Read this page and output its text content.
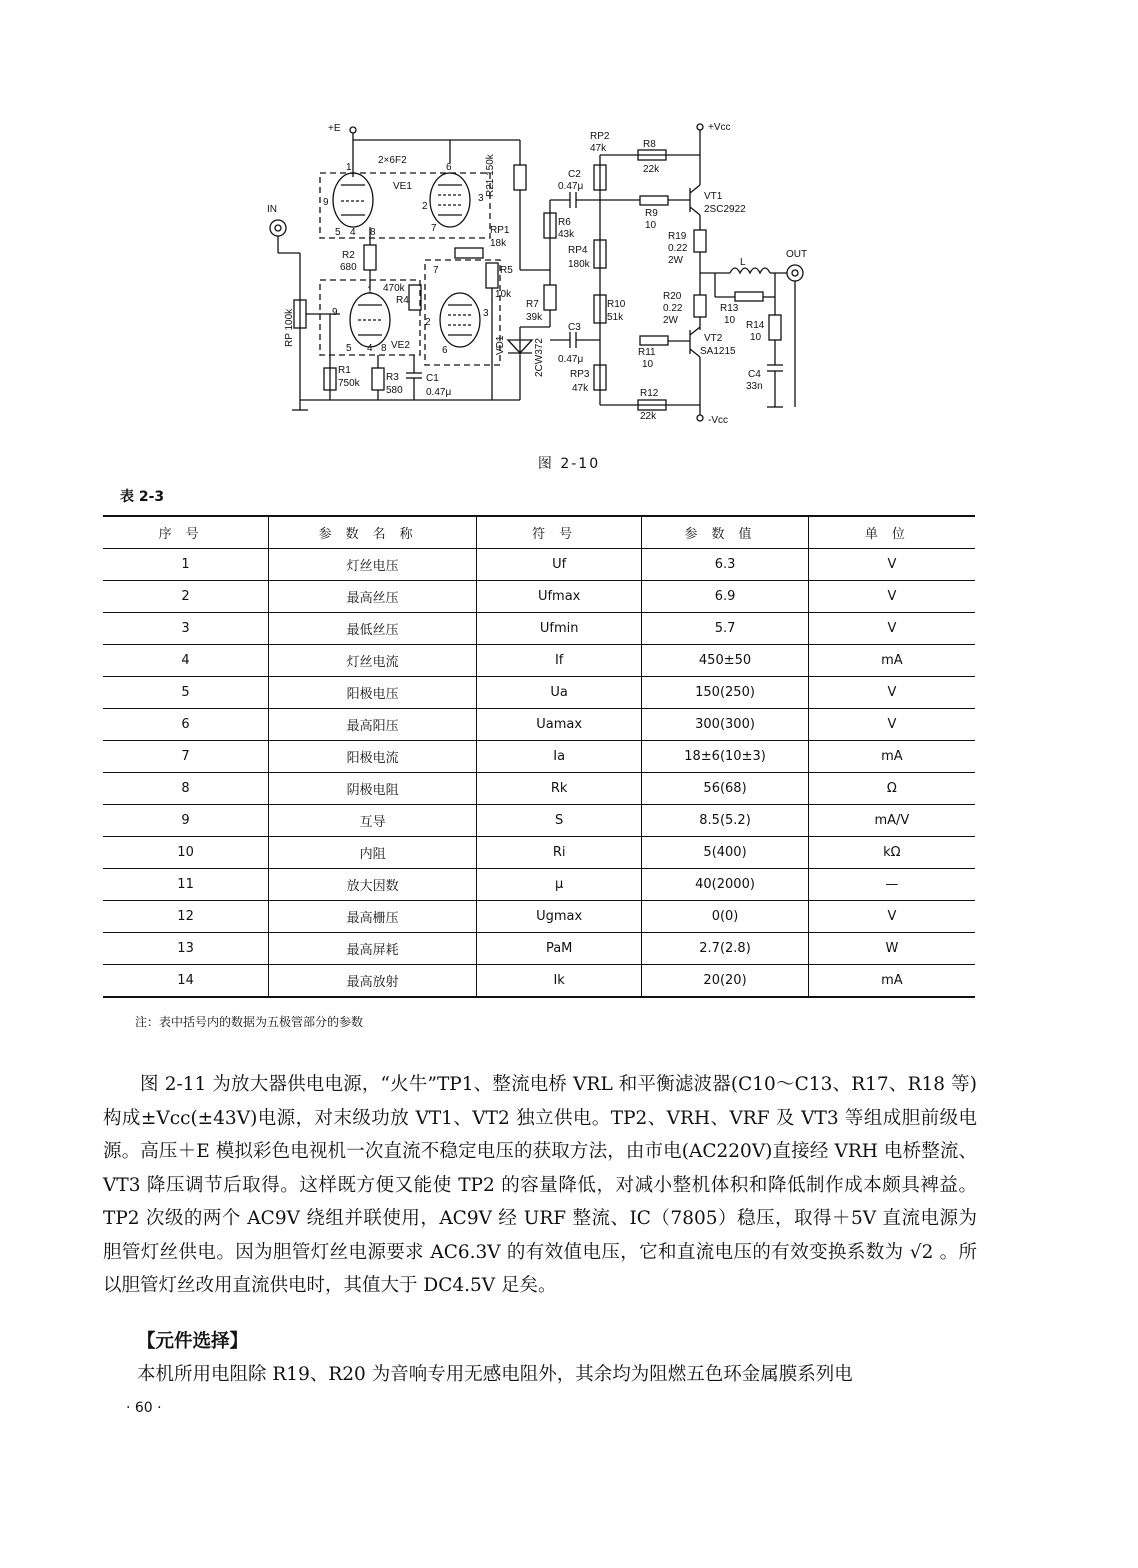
+E
2×6F2
VE1
VE2
IN
OUT
RP 100k
R1
750k
R2
680
R3
580
R4
470k
R5
10k
R7
39k
R21 150k
RP1
18k
C1
0.47μ
VD1	2CW372
RP2
47k	R8
22k
+Vcc
-Vcc
C2
0.47μ
R6
43k
R9
10
VT1
2SC2922
R19
0.22
2W
RP4
180k	L
R10
51k
R20
0.22
2W
R13
10 R14
10
C3
0.47μ
R11
10
VT2
SA1215
C4
33n
RP3
47k	R12
22k
1	6
9	2
3
5 4 8	7
1
9
5 4 8
7
2
3
6
图 2-10
表 2-3
序号	参数名称	符号	参数值	单位
1	灯丝电压	Uf	6.3	V
2	最高丝压	Ufmax	6.9	V
3	最低丝压	Ufmin	5.7	V
4	灯丝电流	If	450±50	mA
5	阳极电压	Ua	150(250)	V
6	最高阳压	Uamax	300(300)	V
7	阳极电流	Ia	18±6(10±3)	mA
8	阴极电阻	Rk	56(68)	Ω
9	互导	S	8.5(5.2)	mA/V
10	内阻	Ri	5(400)	kΩ
11	放大因数	μ	40(2000)	—
12	最高栅压	Ugmax	0(0)	V
13	最高屏耗	PaM	2.7(2.8)	W
14	最高放射	Ik	20(20)	mA
注：表中括号内的数据为五极管部分的参数

图 2-11 为放大器供电电源，“火牛”TP1、整流电桥 VRL 和平衡滤波器(C10～C13、R17、R18 等)构成±Vcc(±43V)电源，对末级功放 VT1、VT2 独立供电。TP2、VRH、VRF 及 VT3 等组成胆前级电源。高压＋E 模拟彩色电视机一次直流不稳定电压的获取方法，由市电(AC220V)直接经 VRH 电桥整流、VT3 降压调节后取得。这样既方便又能使 TP2 的容量降低，对减小整机体积和降低制作成本颇具裨益。TP2 次级的两个 AC9V 绕组并联使用，AC9V 经 URF 整流、IC（7805）稳压，取得＋5V 直流电源为胆管灯丝供电。因为胆管灯丝电源要求 AC6.3V 的有效值电压，它和直流电压的有效变换系数为 √2 。所以胆管灯丝改用直流供电时，其值大于 DC4.5V 足矣。

【元件选择】
本机所用电阻除 R19、R20 为音响专用无感电阻外，其余均为阻燃五色环金属膜系列电
· 60 ·
